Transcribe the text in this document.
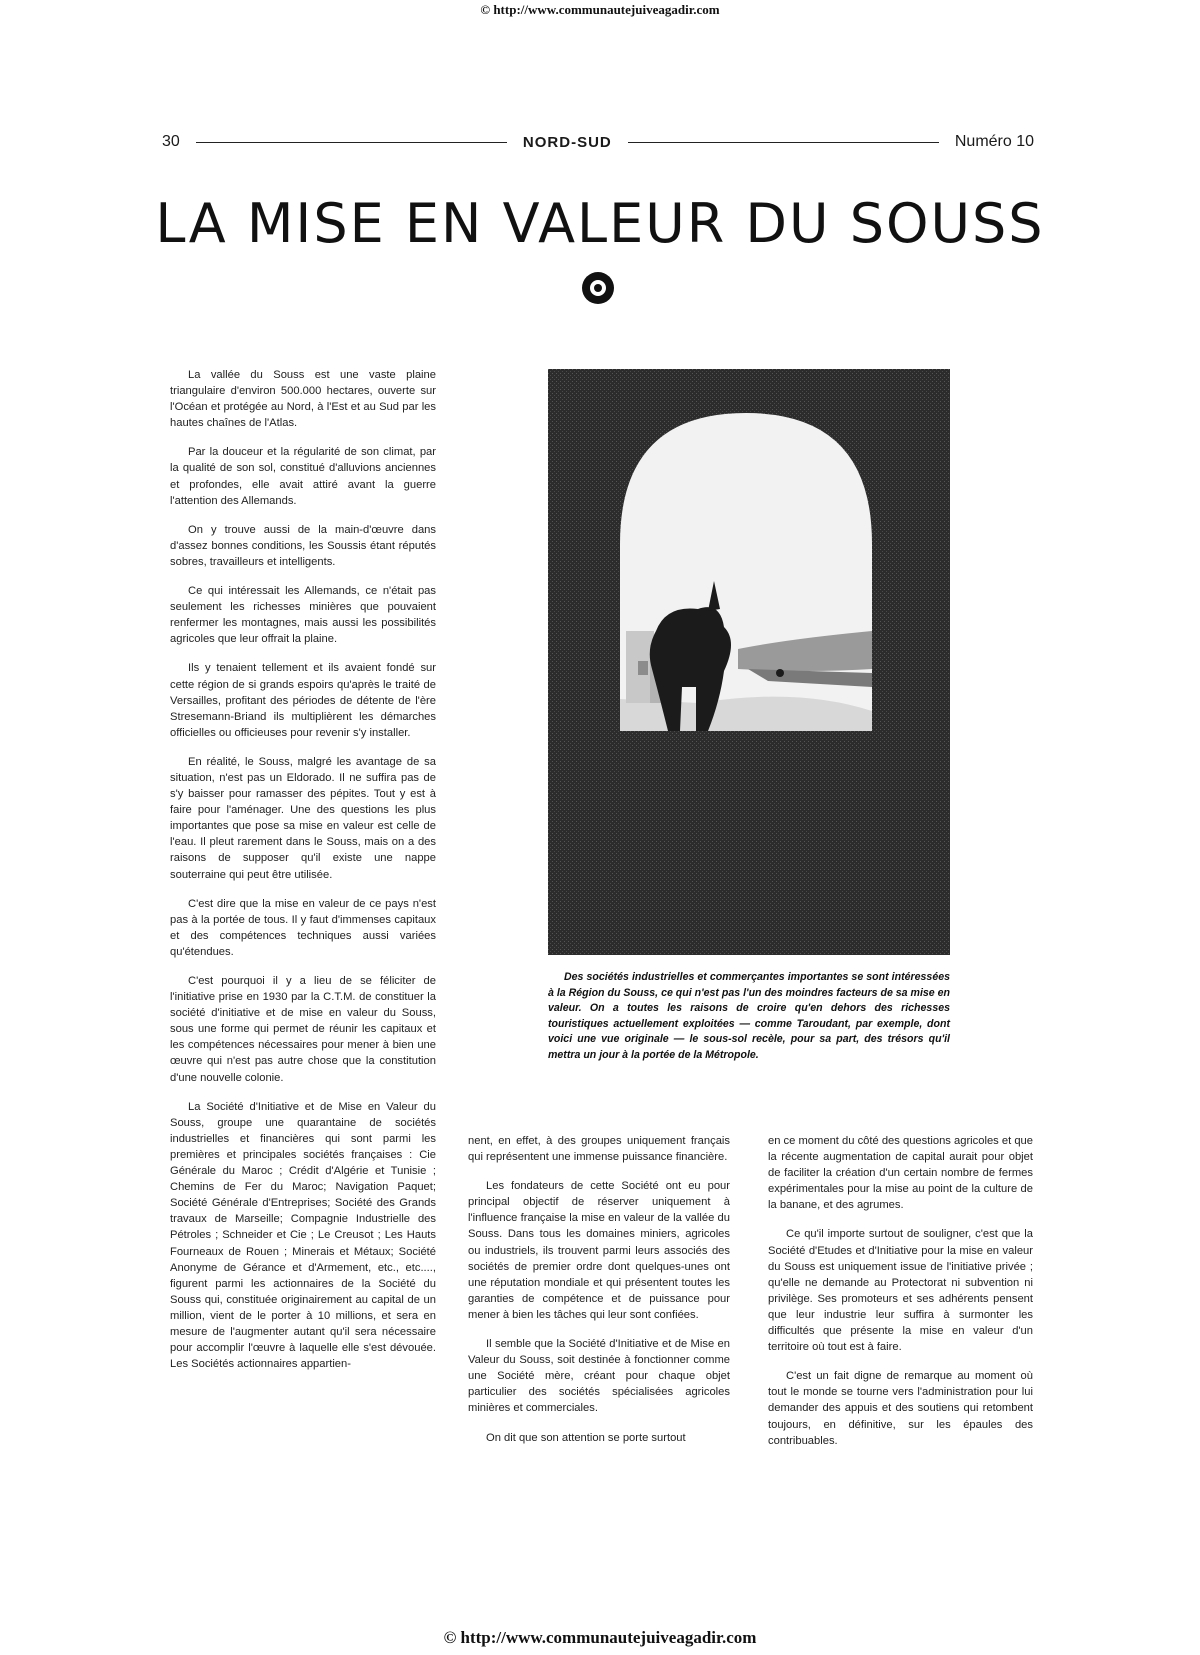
© http://www.communautejuiveagadir.com
30	NORD-SUD	Numéro 10
LA MISE EN VALEUR DU SOUSS

La vallée du Souss est une vaste plaine triangulaire d'environ 500.000 hectares, ouverte sur l'Océan et protégée au Nord, à l'Est et au Sud par les hautes chaînes de l'Atlas.

Par la douceur et la régularité de son climat, par la qualité de son sol, constitué d'alluvions anciennes et profondes, elle avait attiré avant la guerre l'attention des Allemands.

On y trouve aussi de la main-d'œuvre dans d'assez bonnes conditions, les Soussis étant réputés sobres, travailleurs et intelligents.

Ce qui intéressait les Allemands, ce n'était pas seulement les richesses minières que pouvaient renfermer les montagnes, mais aussi les possibilités agricoles que leur offrait la plaine.

Ils y tenaient tellement et ils avaient fondé sur cette région de si grands espoirs qu'après le traité de Versailles, profitant des périodes de détente de l'ère Stresemann-Briand ils multiplièrent les démarches officielles ou officieuses pour revenir s'y installer.

En réalité, le Souss, malgré les avantage de sa situation, n'est pas un Eldorado. Il ne suffira pas de s'y baisser pour ramasser des pépites. Tout y est à faire pour l'aménager. Une des questions les plus importantes que pose sa mise en valeur est celle de l'eau. Il pleut rarement dans le Souss, mais on a des raisons de supposer qu'il existe une nappe souterraine qui peut être utilisée.

C'est dire que la mise en valeur de ce pays n'est pas à la portée de tous. Il y faut d'immenses capitaux et des compétences techniques aussi variées qu'étendues.

C'est pourquoi il y a lieu de se féliciter de l'initiative prise en 1930 par la C.T.M. de constituer la société d'initiative et de mise en valeur du Souss, sous une forme qui permet de réunir les capitaux et les compétences nécessaires pour mener à bien une œuvre qui n'est pas autre chose que la constitution d'une nouvelle colonie.

La Société d'Initiative et de Mise en Valeur du Souss, groupe une quarantaine de sociétés industrielles et financières qui sont parmi les premières et principales sociétés françaises : Cie Générale du Maroc ; Crédit d'Algérie et Tunisie ; Chemins de Fer du Maroc; Navigation Paquet; Société Générale d'Entreprises; Société des Grands travaux de Marseille; Compagnie Industrielle des Pétroles ; Schneider et Cie ; Le Creusot ; Les Hauts Fourneaux de Rouen ; Minerais et Métaux; Société Anonyme de Gérance et d'Armement, etc., etc...., figurent parmi les actionnaires de la Société du Souss qui, constituée originairement au capital de un million, vient de le porter à 10 millions, et sera en mesure de l'augmenter autant qu'il sera nécessaire pour accomplir l'œuvre à laquelle elle s'est dévouée. Les Sociétés actionnaires appartien-

Des sociétés industrielles et commerçantes importantes se sont intéressées à la Région du Souss, ce qui n'est pas l'un des moindres facteurs de sa mise en valeur. On a toutes les raisons de croire qu'en dehors des richesses touristiques actuellement exploitées — comme Taroudant, par exemple, dont voici une vue originale — le sous-sol recèle, pour sa part, des trésors qu'il mettra un jour à la portée de la Métropole.

nent, en effet, à des groupes uniquement français qui représentent une immense puissance financière.

Les fondateurs de cette Société ont eu pour principal objectif de réserver uniquement à l'influence française la mise en valeur de la vallée du Souss. Dans tous les domaines miniers, agricoles ou industriels, ils trouvent parmi leurs associés des sociétés de premier ordre dont quelques-unes ont une réputation mondiale et qui présentent toutes les garanties de compétence et de puissance pour mener à bien les tâches qui leur sont confiées.

Il semble que la Société d'Initiative et de Mise en Valeur du Souss, soit destinée à fonctionner comme une Société mère, créant pour chaque objet particulier des sociétés spécialisées agricoles minières et commerciales.

On dit que son attention se porte surtout

en ce moment du côté des questions agricoles et que la récente augmentation de capital aurait pour objet de faciliter la création d'un certain nombre de fermes expérimentales pour la mise au point de la culture de la banane, et des agrumes.

Ce qu'il importe surtout de souligner, c'est que la Société d'Etudes et d'Initiative pour la mise en valeur du Souss est uniquement issue de l'initiative privée ; qu'elle ne demande au Protectorat ni subvention ni privilège. Ses promoteurs et ses adhérents pensent que leur industrie leur suffira à surmonter les difficultés que présente la mise en valeur d'un territoire où tout est à faire.

C'est un fait digne de remarque au moment où tout le monde se tourne vers l'administration pour lui demander des appuis et des soutiens qui retombent toujours, en définitive, sur les épaules des contribuables.

© http://www.communautejuiveagadir.com
